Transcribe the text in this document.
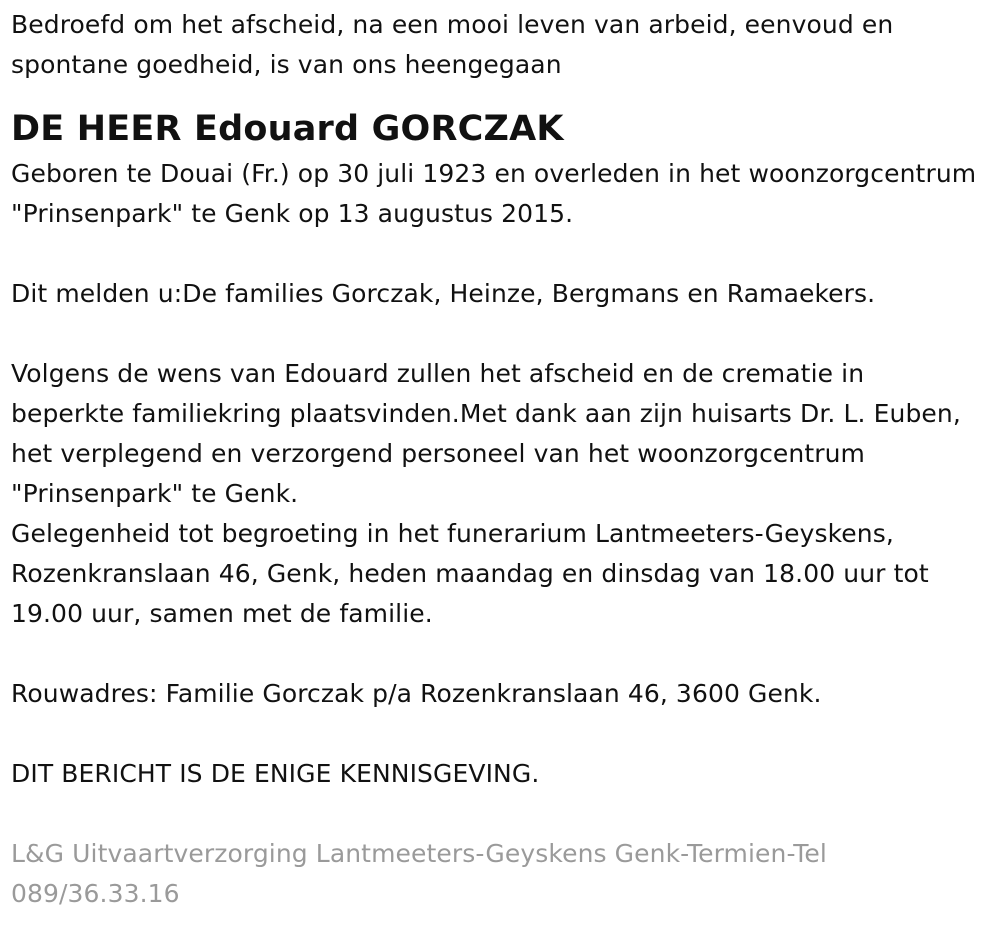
Bedroefd om het afscheid, na een mooi leven van arbeid, eenvoud en spontane goedheid, is van ons heengegaan

DE HEER Edouard GORCZAK

Geboren te Douai (Fr.) op 30 juli 1923 en overleden in het woonzorgcentrum "Prinsenpark" te Genk op 13 augustus 2015.

Dit melden u:De families Gorczak, Heinze, Bergmans en Ramaekers.

Volgens de wens van Edouard zullen het afscheid en de crematie in beperkte familiekring plaatsvinden.Met dank aan zijn huisarts Dr. L. Euben, het verplegend en verzorgend personeel van het woonzorgcentrum "Prinsenpark" te Genk.

Gelegenheid tot begroeting in het funerarium Lantmeeters-Geyskens, Rozenkranslaan 46, Genk, heden maandag en dinsdag van 18.00 uur tot 19.00 uur, samen met de familie.

Rouwadres: Familie Gorczak p/a Rozenkranslaan 46, 3600 Genk.

DIT BERICHT IS DE ENIGE KENNISGEVING.

L&G Uitvaartverzorging Lantmeeters-Geyskens Genk-Termien-Tel 089/36.33.16
